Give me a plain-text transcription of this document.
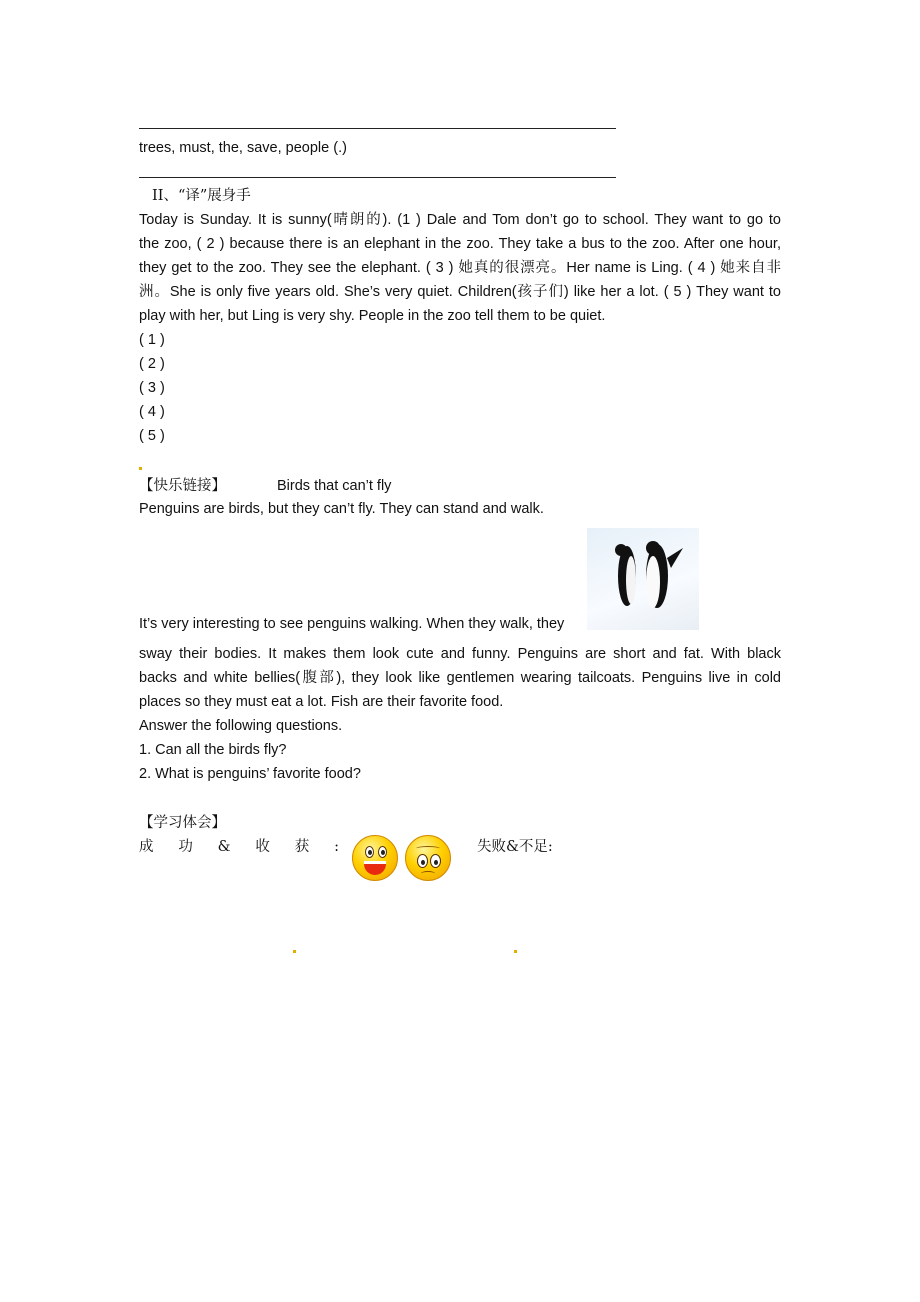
trees, must, the, save, people (.)
II、“译”展身手
Today is Sunday. It is sunny(晴朗的). (1 ) Dale and Tom don’t go to school. They want to go to
the zoo, ( 2 ) because there is an elephant in the zoo. They take a bus to the zoo. After one hour,
they get to the zoo. They see the elephant. ( 3 ) 她真的很漂亮。Her name is Ling. ( 4 ) 她来自非
洲。She is only five years old. She’s very quiet. Children(孩子们) like her a lot. ( 5 ) They want to
play with her, but Ling is very shy. People in the zoo tell them to be quiet.
( 1 )
( 2 )
( 3 )
( 4 )
( 5 )
【快乐链接】	Birds that can’t fly
Penguins are birds, but they can’t fly. They can stand and walk.
It’s very interesting to see penguins walking. When they walk, they
sway their bodies. It makes them look cute and funny. Penguins are short and fat. With black
backs and white bellies(腹部), they look like gentlemen wearing tailcoats. Penguins live in cold
places so they must eat a lot. Fish are their favorite food.
Answer the following questions.
1. Can all the birds fly?
2. What is penguins’ favorite food?
【学习体会】
成 功 & 收 获 :	失败&不足:
